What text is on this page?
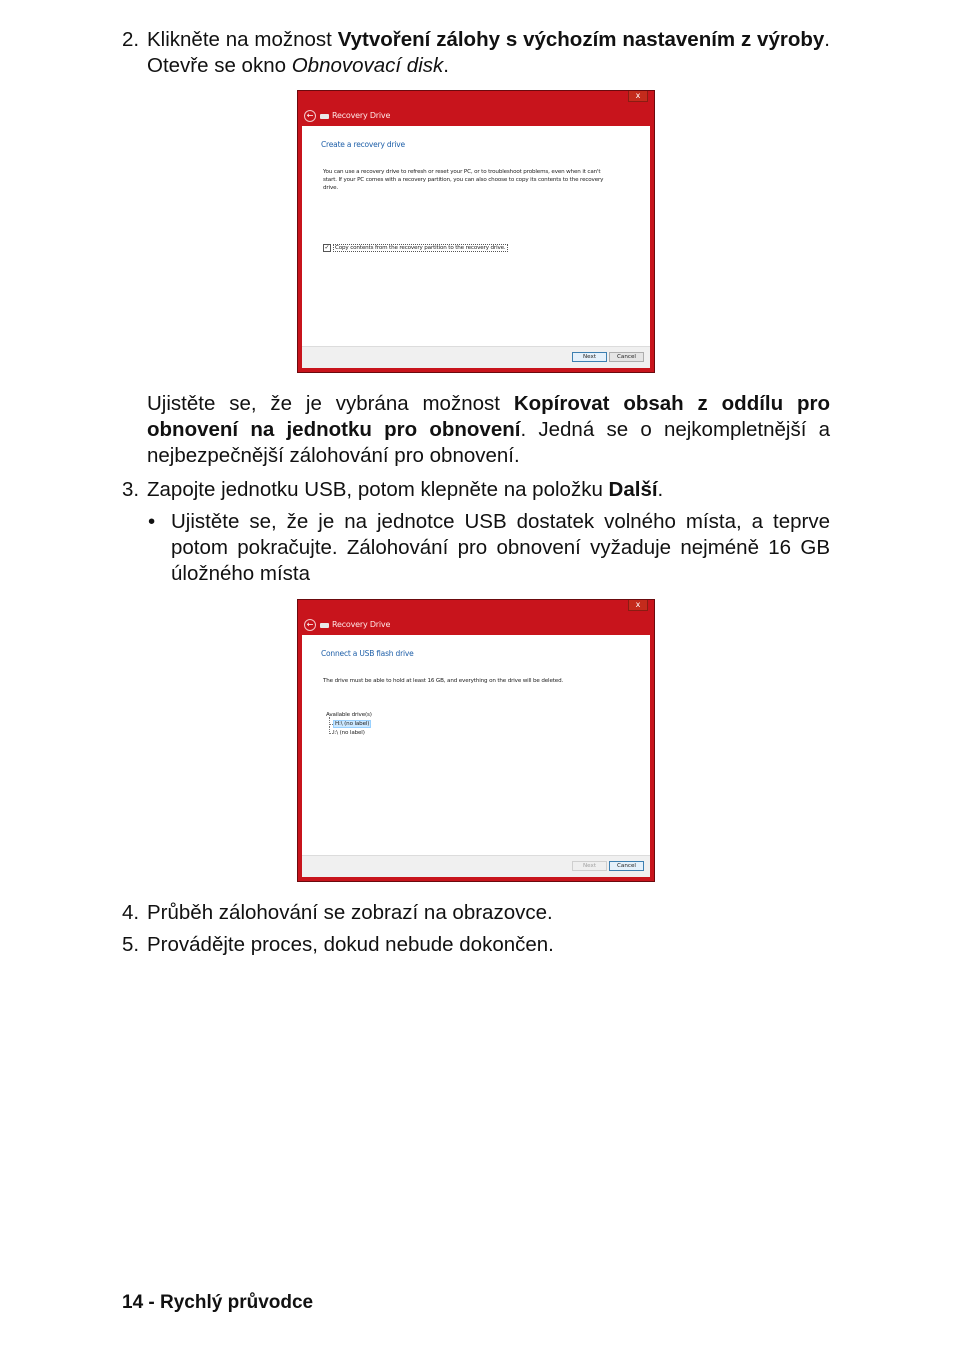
2. Klikněte na možnost Vytvoření zálohy s výchozím nastavením z výroby. Otevře se okno Obnovovací disk.

x
←	Recovery Drive
Create a recovery drive
You can use a recovery drive to refresh or reset your PC, or to troubleshoot problems, even when it can't start. If your PC comes with a recovery partition, you can also choose to copy its contents to the recovery drive.
✓ Copy contents from the recovery partition to the recovery drive.
Next	Cancel

Ujistěte se, že je vybrána možnost Kopírovat obsah z oddílu pro obnovení na jednotku pro obnovení. Jedná se o nejkompletnější a nejbezpečnější zálohování pro obnovení.

3. Zapojte jednotku USB, potom klepněte na položku Další.

• Ujistěte se, že je na jednotce USB dostatek volného místa, a teprve potom pokračujte. Zálohování pro obnovení vyžaduje nejméně 16 GB úložného místa

x
←	Recovery Drive
Connect a USB flash drive
The drive must be able to hold at least 16 GB, and everything on the drive will be deleted.
Available drive(s)
H:\ (no label)
I:\ (no label)
Next	Cancel
4. Průběh zálohování se zobrazí na obrazovce.

5. Provádějte proces, dokud nebude dokončen.

14 - Rychlý průvodce
